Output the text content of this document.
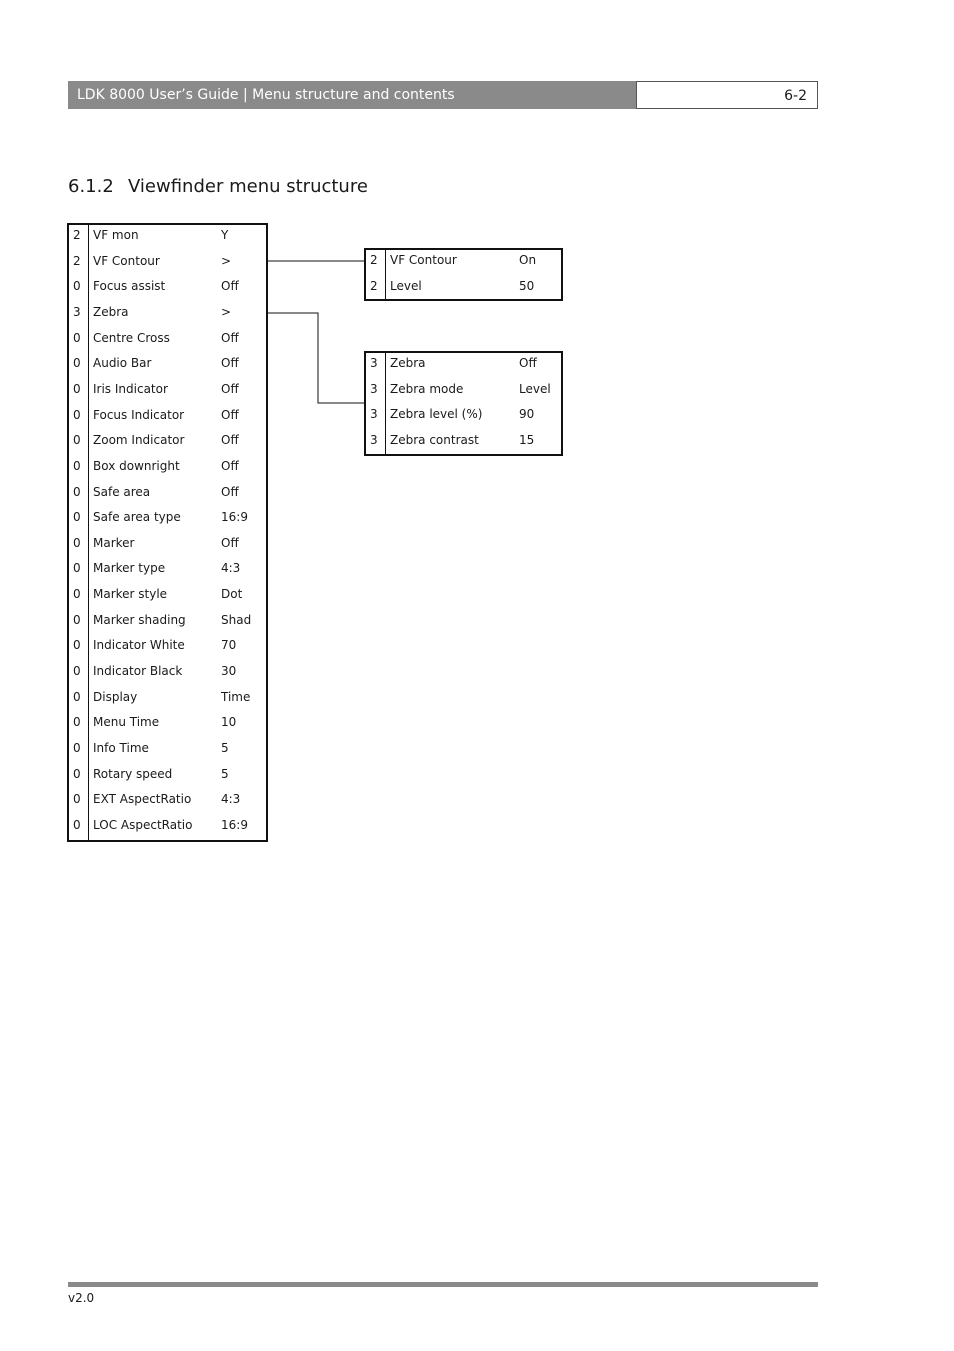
LDK 8000 User’s Guide | Menu structure and contents	6-2
6.1.2 Viewfinder menu structure
2 VF mon	Y
2 VF Contour	>
0 Focus assist	Off
3 Zebra	>
0 Centre Cross	Off
0 Audio Bar	Off
0 Iris Indicator	Off
0 Focus Indicator	Off
0 Zoom Indicator	Off
0 Box downright	Off
0 Safe area	Off
0 Safe area type	16:9
0 Marker	Off
0 Marker type	4:3
0 Marker style	Dot
0 Marker shading	Shad
0 Indicator White	70
0 Indicator Black	30
0 Display	Time
0 Menu Time	10
0 Info Time	5
0 Rotary speed	5
0 EXT AspectRatio 4:3
0 LOC AspectRatio 16:9
2 VF Contour	On
2 Level	50
3 Zebra	Off
3 Zebra mode	Level
3 Zebra level (%)	90
3 Zebra contrast	15
v2.0
